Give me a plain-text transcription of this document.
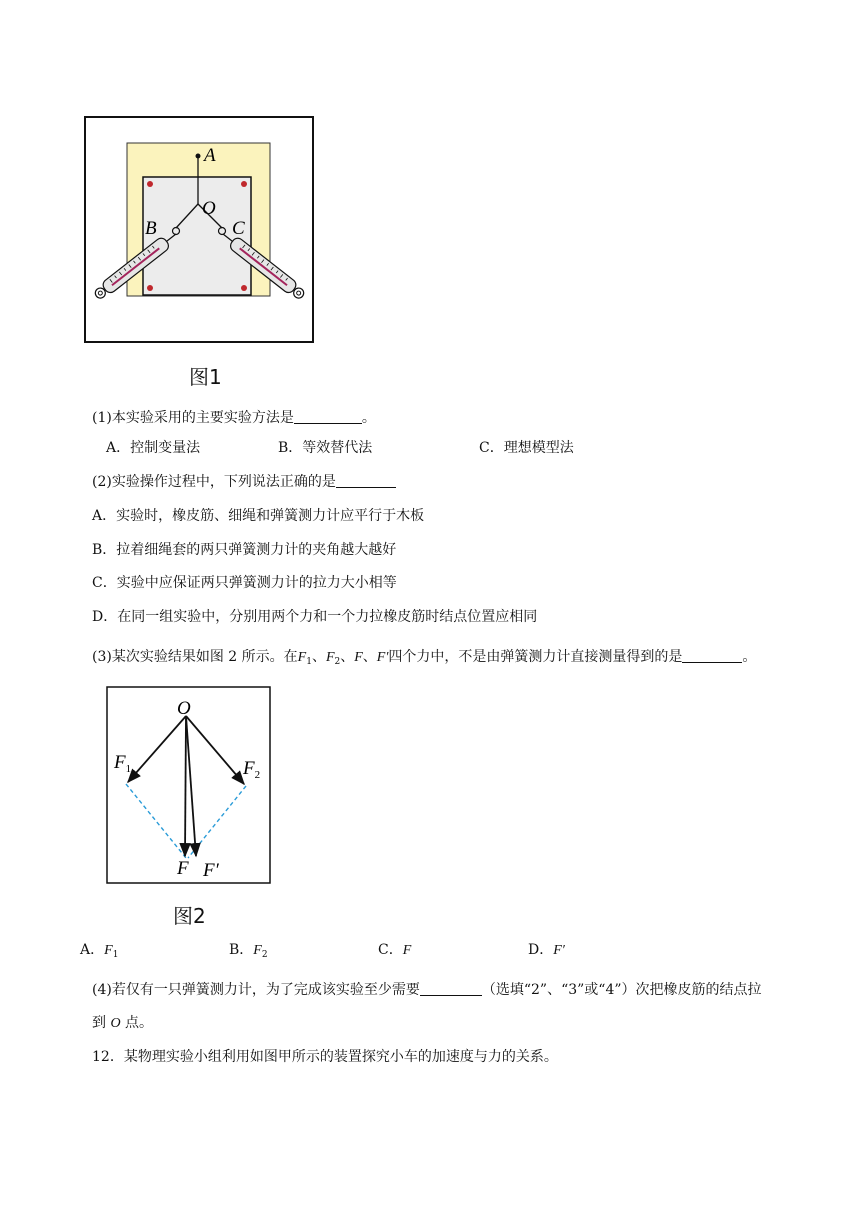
A
O
B	C
图1
(1)本实验采用的主要实验方法是	。
A．控制变量法	B．等效替代法	C．理想模型法
(2)实验操作过程中，下列说法正确的是
A．实验时，橡皮筋、细绳和弹簧测力计应平行于木板
B．拉着细绳套的两只弹簧测力计的夹角越大越好
C．实验中应保证两只弹簧测力计的拉力大小相等
D．在同一组实验中，分别用两个力和一个力拉橡皮筋时结点位置应相同
(3)某次实验结果如图 2 所示。在$F_1$、$F_2$、F、F′四个力中，不是由弹簧测力计直接测量得到的是	。
O
$F_1$	$F_2$
F F′
图2
A．$F_1$	B．$F_2$	C．F	D．F′
(4)若仅有一只弹簧测力计，为了完成该实验至少需要	（选填“2”、“3”或“4”）次把橡皮筋的结点拉
到 O 点。
12．某物理实验小组利用如图甲所示的装置探究小车的加速度与力的关系。
